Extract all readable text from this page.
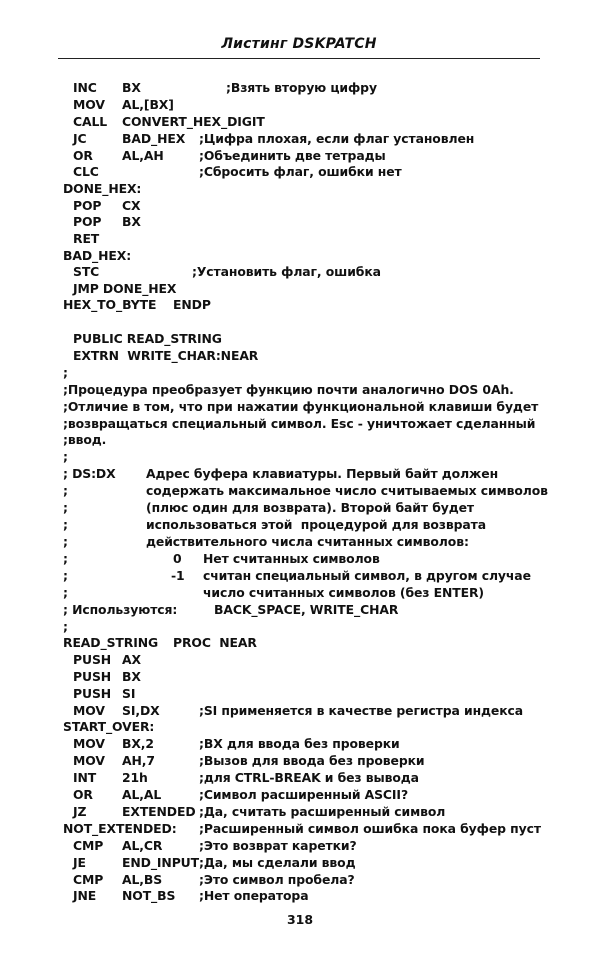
Листинг DSKPATCH
INC BX	;Взять вторую цифру
MOV AL,[BX]
CALL CONVERT_HEX_DIGIT
JC	BAD_HEX ;Цифра плохая, если флаг установлен
OR AL,AH	;Объединить две тетрады
CLC	;Сбросить флаг, ошибки нет
DONE_HEX:
POP CX
POP BX
RET
BAD_HEX:
STC	;Установить флаг, ошибка
JMP DONE_HEX
HEX_TO_BYTE ENDP
PUBLIC READ_STRING
EXTRN  WRITE_CHAR:NEAR
;
;Процедура преобразует функцию почти аналогично DOS 0Ah.
;Отличие в том, что при нажатии функциональной клавиши будет
;возвращаться специальный символ. Esc - уничтожает сделанный
;ввод.
;
; DS:DX Адрес буфера клавиатуры. Первый байт должен
;	содержать максимальное число считываемых символов
;	(плюс один для возврата). Второй байт будет
;	использоваться этой  процедурой для возврата
;	действительного числа считанных символов:
;	0 Нет считанных символов
;	-1 считан специальный символ, в другом случае
;	число считанных символов (без ENTER)
; Используются:	BACK_SPACE, WRITE_CHAR
;
READ_STRING PROC  NEAR
PUSH AX
PUSH BX
PUSH SI
MOV SI,DX	;SI применяется в качестве регистра индекса
START_OVER:
MOV BX,2	;BX для ввода без проверки
MOV AH,7	;Вызов для ввода без проверки
INT 21h	;для CTRL-BREAK и без вывода
OR AL,AL	;Символ расширенный ASCII?
JZ	EXTENDED ;Да, считать расширенный символ
NOT_EXTENDED: ;Расширенный символ ошибка пока буфер пуст
CMP AL,CR	;Это возврат каретки?
JE	END_INPUT ;Да, мы сделали ввод
CMP AL,BS	;Это символ пробела?
JNE NOT_BS ;Нет оператора
318
